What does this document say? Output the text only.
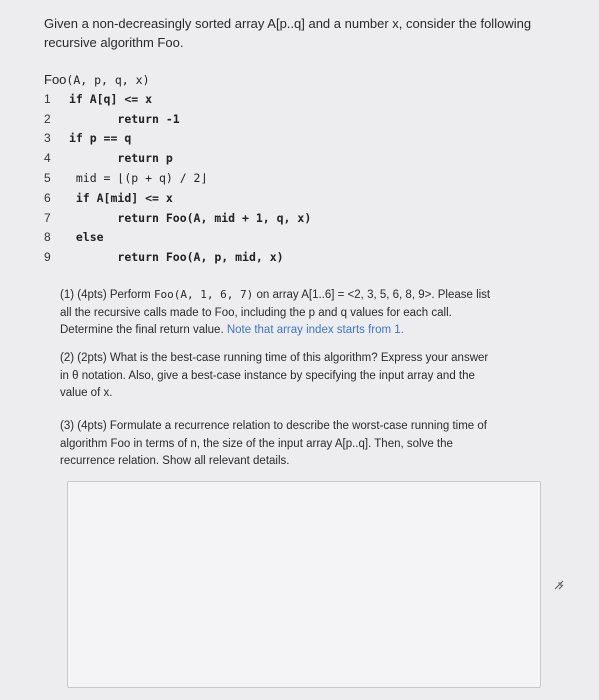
Given a non-decreasingly sorted array A[p..q] and a number x, consider the following
recursive algorithm Foo.
Foo(A, p, q, x)
1 if A[q] <= x
2	return -1
3 if p == q
4	return p
5 mid = ⌊(p + q) / 2⌋
6 if A[mid] <= x
7	return Foo(A, mid + 1, q, x)
8 else
9	return Foo(A, p, mid, x)
(1) (4pts) Perform Foo(A, 1, 6, 7) on array A[1..6] = <2, 3, 5, 6, 8, 9>. Please list
all the recursive calls made to Foo, including the p and q values for each call.
Determine the final return value. Note that array index starts from 1.
(2) (2pts) What is the best-case running time of this algorithm? Express your answer
in θ notation. Also, give a best-case instance by specifying the input array and the
value of x.
(3) (4pts) Formulate a recurrence relation to describe the worst-case running time of
algorithm Foo in terms of n, the size of the input array A[p..q]. Then, solve the
recurrence relation. Show all relevant details.
